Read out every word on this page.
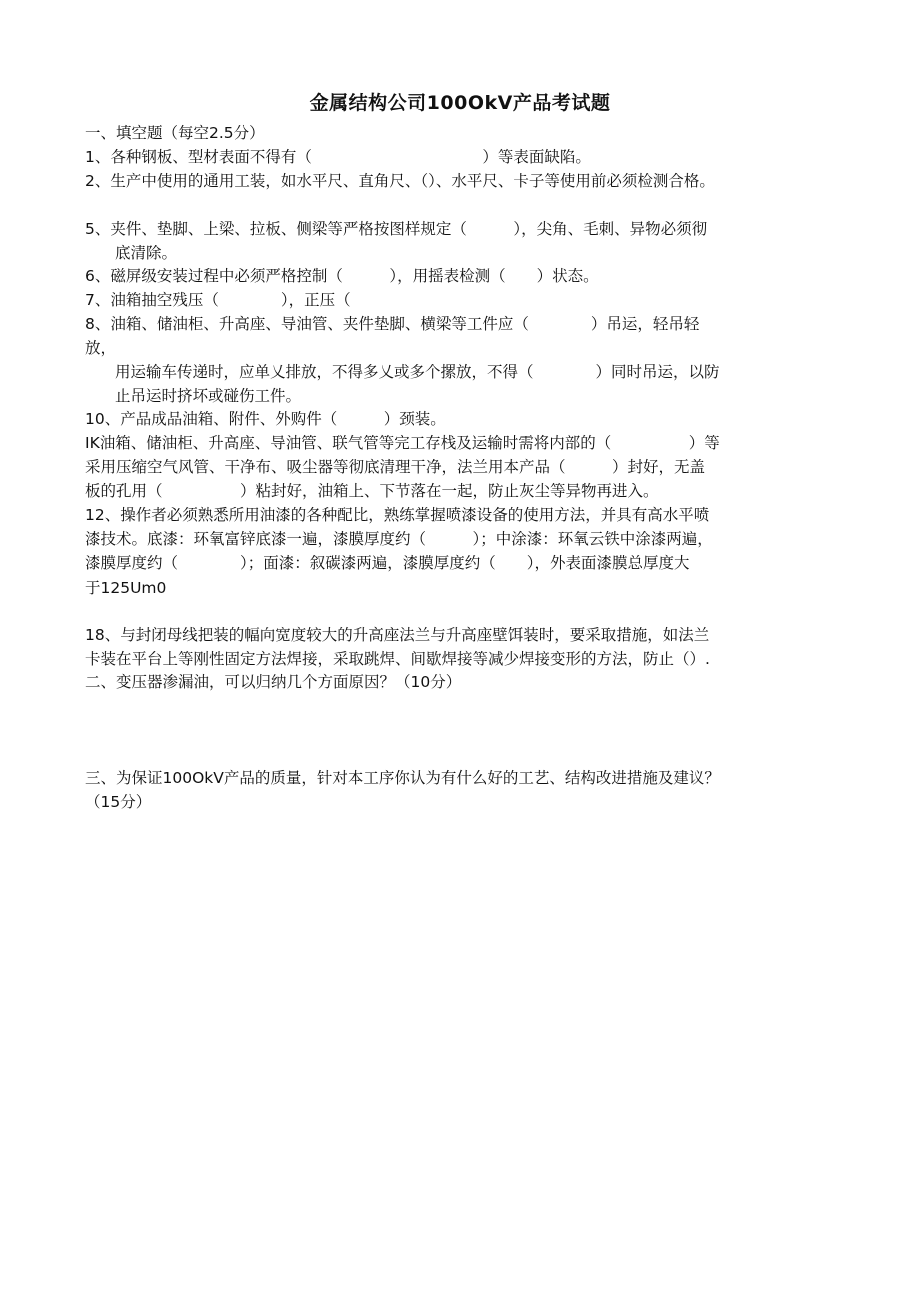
金属结构公司100OkV产品考试题
一、填空题（每空2.5分）
1、各种钢板、型材表面不得有（　　　　　　　　　　　）等表面缺陷。
2、生产中使用的通用工装，如水平尺、直角尺、（）、水平尺、卡子等使用前必须检测合格。
5、夹件、垫脚、上梁、拉板、侧梁等严格按图样规定（　　　），尖角、毛刺、异物必须彻
底清除。
6、磁屏级安装过程中必须严格控制（　　　），用摇表检测（　　）状态。
7、油箱抽空残压（　　　　），正压（
8、油箱、储油柜、升高座、导油管、夹件垫脚、横梁等工件应（　　　　）吊运，轻吊轻
放，
用运输车传递时，应单乂排放，不得多乂或多个摞放，不得（　　　　）同时吊运，以防
止吊运时挤坏或碰伤工件。
10、产品成品油箱、附件、外购件（　　　）颈装。
IK油箱、储油柜、升高座、导油管、联气管等完工存栈及运输时需将内部的（　　　　　）等
采用压缩空气风管、干净布、吸尘器等彻底清理干净，法兰用本产品（　　　）封好，无盖
板的孔用（　　　　　）粘封好，油箱上、下节落在一起，防止灰尘等异物再进入。
12、操作者必须熟悉所用油漆的各种配比，熟练掌握喷漆设备的使用方法，并具有高水平喷
漆技术。底漆：环氧富锌底漆一遍，漆膜厚度约（　　　）；中涂漆：环氧云铁中涂漆两遍，
漆膜厚度约（　　　　）；面漆：叙碳漆两遍，漆膜厚度约（　　），外表面漆膜总厚度大
于125Um0
18、与封闭母线把装的幅向宽度较大的升高座法兰与升高座壁饵装时，要采取措施，如法兰
卡装在平台上等刚性固定方法焊接，采取跳焊、间歇焊接等减少焊接变形的方法，防止（）.
二、变压器渗漏油，可以归纳几个方面原因？（10分）
三、为保证100OkV产品的质量，针对本工序你认为有什么好的工艺、结构改进措施及建议？
（15分）
